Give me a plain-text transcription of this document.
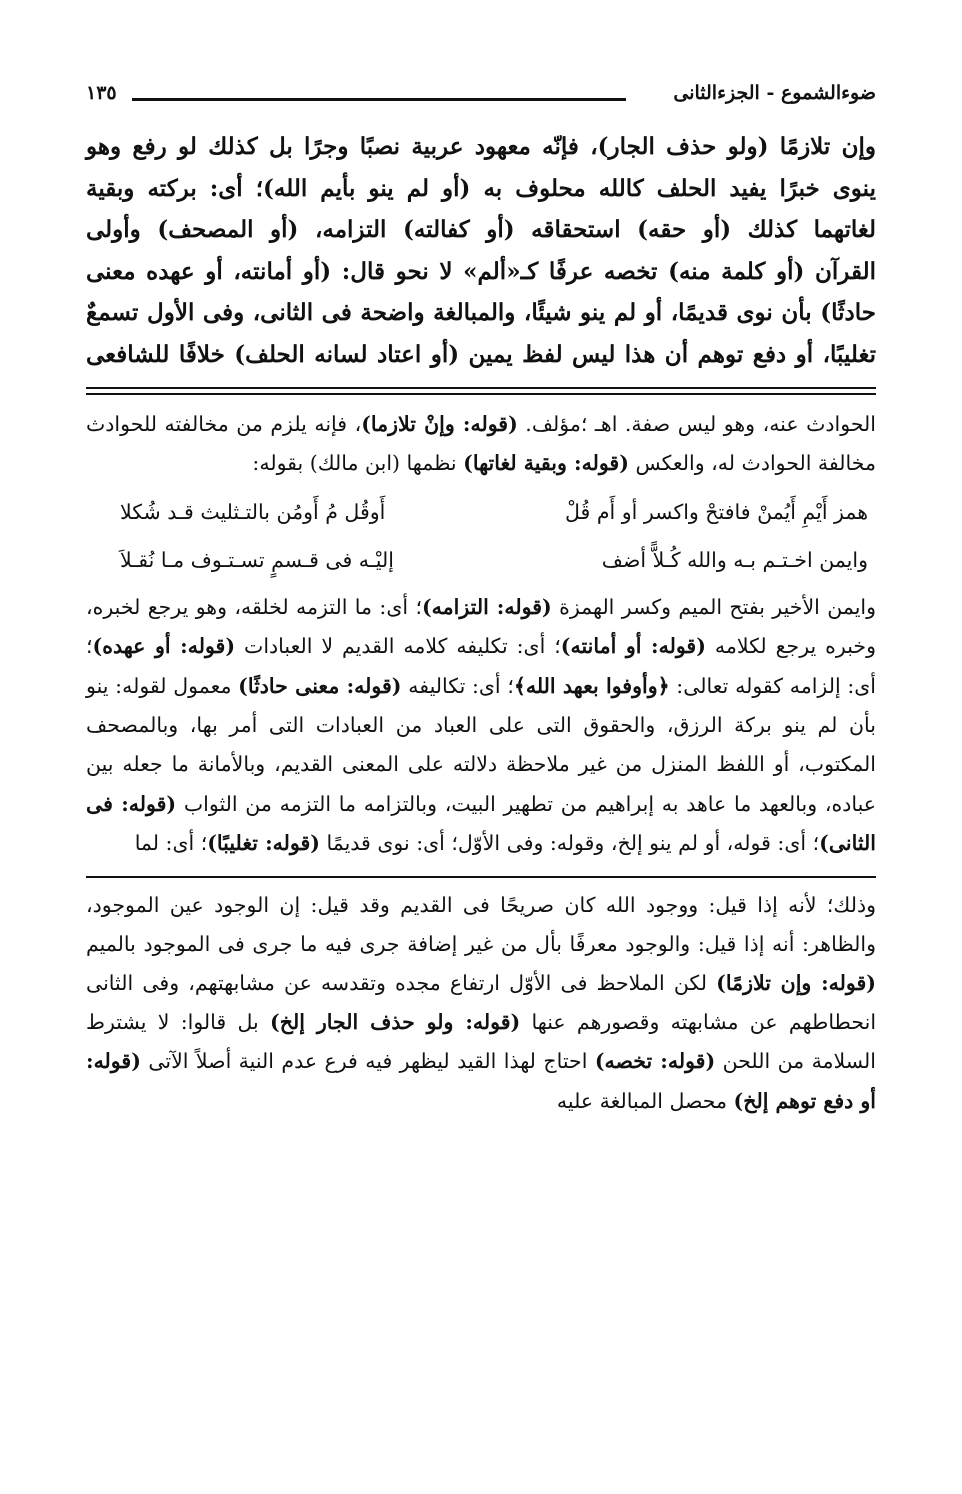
ضوءالشموع - الجزءالثانى
١٣٥

وإن تلازمًا (ولو حذف الجار)، فإنّه معهود عربية نصبًا وجرًا بل كذلك لو رفع وهو

ينوى خبرًا يفيد الحلف كالله محلوف به (أو لم ينو بأيم الله)؛ أى: بركته وبقية

لغاتهما كذلك (أو حقه) استحقاقه (أو كفالته) التزامه، (أو المصحف) وأولى

القرآن (أو كلمة منه) تخصه عرفًا كـ«ألم» لا نحو قال: (أو أمانته، أو عهده معنى

حادثًا) بأن نوى قديمًا، أو لم ينو شيئًا، والمبالغة واضحة فى الثانى، وفى الأول تسمعٌ

تغليبًا، أو دفع توهم أن هذا ليس لفظ يمين (أو اعتاد لسانه الحلف) خلافًا للشافعى

الحوادث عنه، وهو ليس صفة. اهـ ؛مؤلف. (قوله: وإنْ تلازما)، فإنه يلزم من مخالفته للحوادث مخالفة الحوادث له، والعكس (قوله: وبقية لغاتها) نظمها (ابن مالك) بقوله:

همز أَيْمِ أَيُمنْ فافتحْ واكسر أو أَم قُلْ
أَوقُل مُ أَومُن بالتـثليث قـد شُكلا
وايمن اخـتـم بـه والله كُـلاًّ أضف
إليْـه فى قـسمٍ تسـتـوف مـا نُقـلاَ

وايمن الأخير بفتح الميم وكسر الهمزة (قوله: التزامه)؛ أى: ما التزمه لخلقه، وهو يرجع لخبره، وخبره يرجع لكلامه (قوله: أو أمانته)؛ أى: تكليفه كلامه القديم لا العبادات (قوله: أو عهده)؛ أى: إلزامه كقوله تعالى: ﴿وأوفوا بعهد الله﴾؛ أى: تكاليفه (قوله: معنى حادثًا) معمول لقوله: ينو بأن لم ينو بركة الرزق، والحقوق التى على العباد من العبادات التى أمر بها، وبالمصحف المكتوب، أو اللفظ المنزل من غير ملاحظة دلالته على المعنى القديم، وبالأمانة ما جعله بين عباده، وبالعهد ما عاهد به إبراهيم من تطهير البيت، وبالتزامه ما التزمه من الثواب (قوله: فى الثانى)؛ أى: قوله، أو لم ينو إلخ، وقوله: وفى الأوّل؛ أى: نوى قديمًا (قوله: تغليبًا)؛ أى: لما

وذلك؛ لأنه إذا قيل: ووجود الله كان صريحًا فى القديم وقد قيل: إن الوجود عين الموجود، والظاهر: أنه إذا قيل: والوجود معرفًا بأل من غير إضافة جرى فيه ما جرى فى الموجود بالميم (قوله: وإن تلازمًا) لكن الملاحظ فى الأوّل ارتفاع مجده وتقدسه عن مشابهتهم، وفى الثانى انحطاطهم عن مشابهته وقصورهم عنها (قوله: ولو حذف الجار إلخ) بل قالوا: لا يشترط السلامة من اللحن (قوله: تخصه) احتاج لهذا القيد ليظهر فيه فرع عدم النية أصلاً الآتى (قوله: أو دفع توهم إلخ) محصل المبالغة عليه
